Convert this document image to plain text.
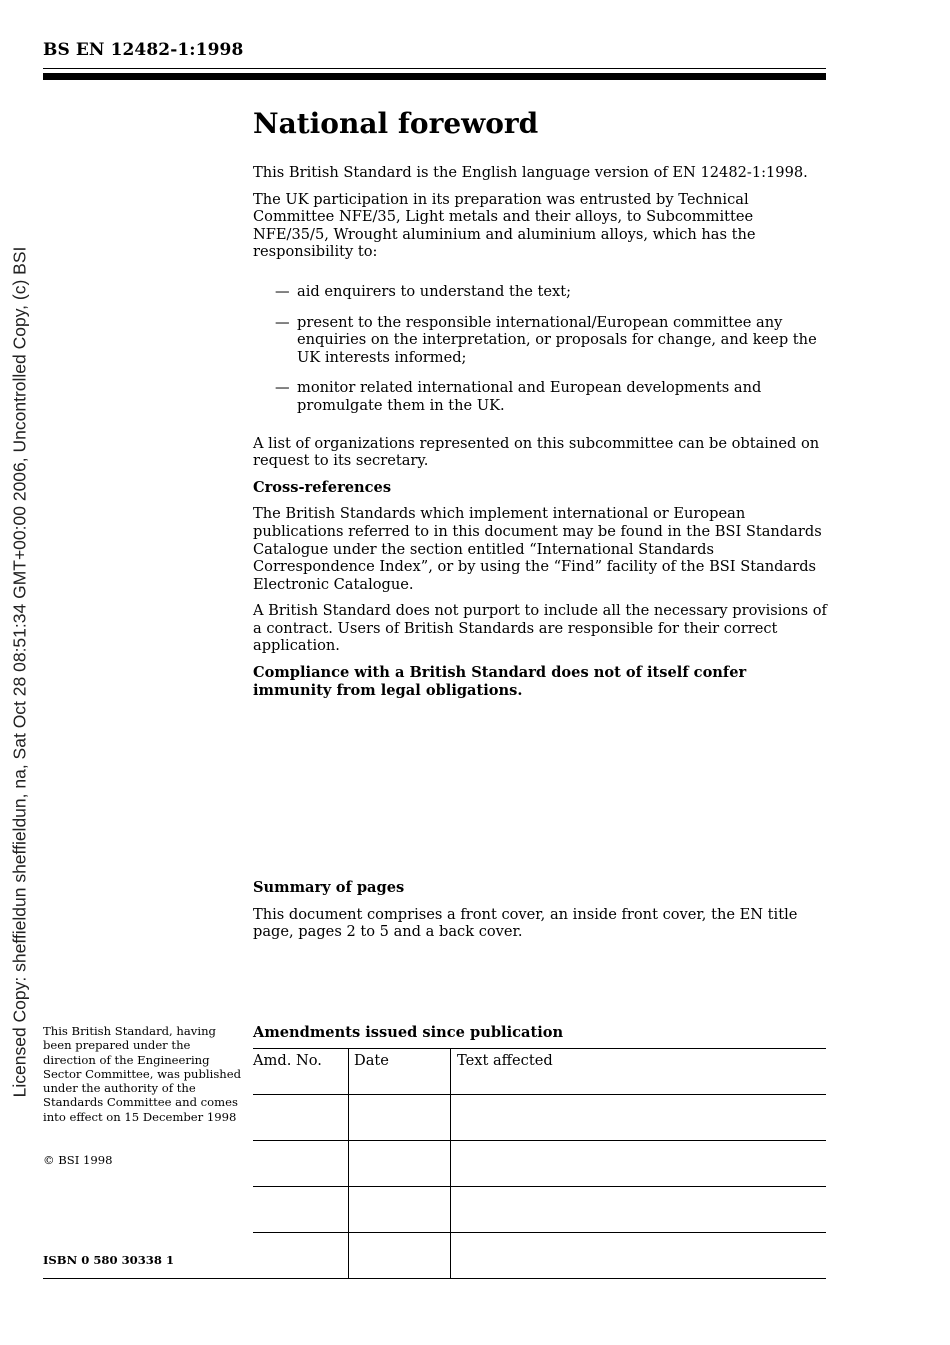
BS EN 12482-1:1998
Licensed Copy: sheffieldun sheffieldun, na, Sat Oct 28 08:51:34 GMT+00:00 2006, Uncontrolled Copy, (c) BSI
National foreword
This British Standard is the English language version of EN 12482-1:1998.
The UK participation in its preparation was entrusted by Technical Committee NFE/35, Light metals and their alloys, to Subcommittee NFE/35/5, Wrought aluminium and aluminium alloys, which has the responsibility to:
— aid enquirers to understand the text;
— present to the responsible international/European committee any enquiries on the interpretation, or proposals for change, and keep the UK interests informed;
— monitor related international and European developments and promulgate them in the UK.
A list of organizations represented on this subcommittee can be obtained on request to its secretary.
Cross-references
The British Standards which implement international or European publications referred to in this document may be found in the BSI Standards Catalogue under the section entitled “International Standards Correspondence Index”, or by using the “Find” facility of the BSI Standards Electronic Catalogue.
A British Standard does not purport to include all the necessary provisions of a contract. Users of British Standards are responsible for their correct application.
Compliance with a British Standard does not of itself confer immunity from legal obligations.
Summary of pages
This document comprises a front cover, an inside front cover, the EN title page, pages 2 to 5 and a back cover.
This British Standard, having been prepared under the direction of the Engineering Sector Committee, was published under the authority of the Standards Committee and comes into effect on 15 December 1998
© BSI 1998
ISBN 0 580 30338 1
Amendments issued since publication
Amd. No.	Date	Text affected
